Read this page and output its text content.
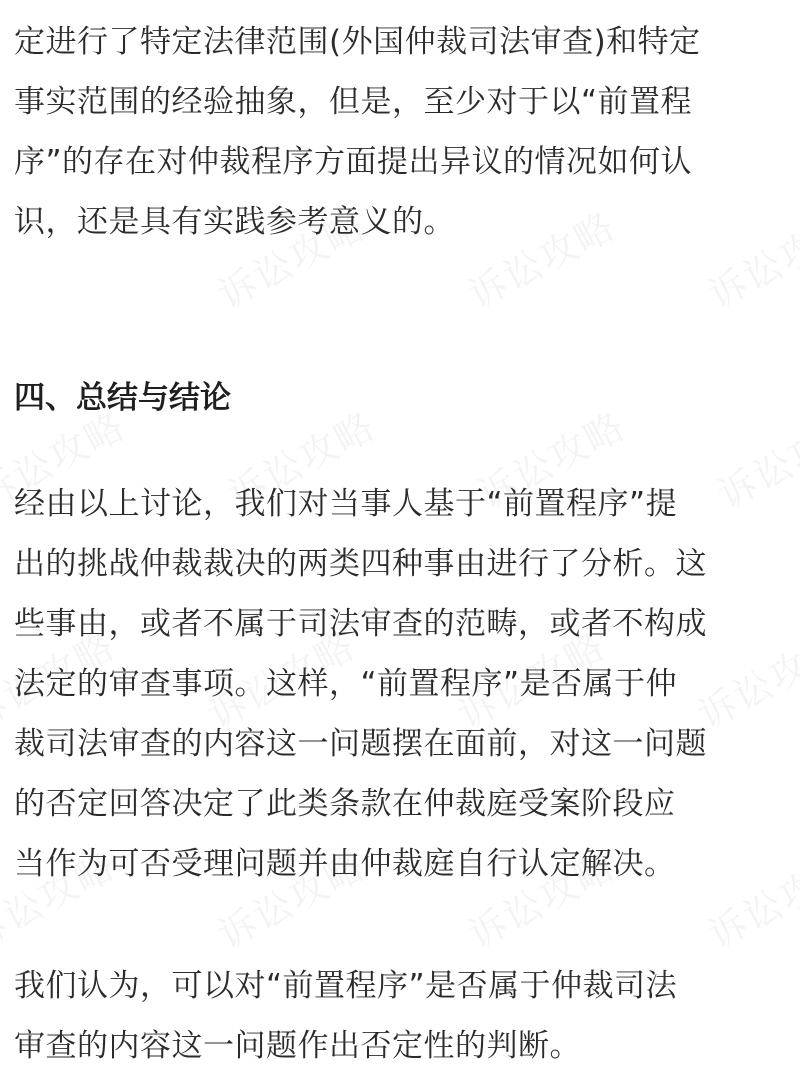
定进行了特定法律范围(外国仲裁司法审查)和特定
事实范围的经验抽象，但是，至少对于以“前置程
序”的存在对仲裁程序方面提出异议的情况如何认
识，还是具有实践参考意义的。
四、总结与结论
经由以上讨论，我们对当事人基于“前置程序”提
出的挑战仲裁裁决的两类四种事由进行了分析。这
些事由，或者不属于司法审查的范畴，或者不构成
法定的审查事项。这样，“前置程序”是否属于仲
裁司法审查的内容这一问题摆在面前，对这一问题
的否定回答决定了此类条款在仲裁庭受案阶段应
当作为可否受理问题并由仲裁庭自行认定解决。
我们认为，可以对“前置程序”是否属于仲裁司法
审查的内容这一问题作出否定性的判断。
